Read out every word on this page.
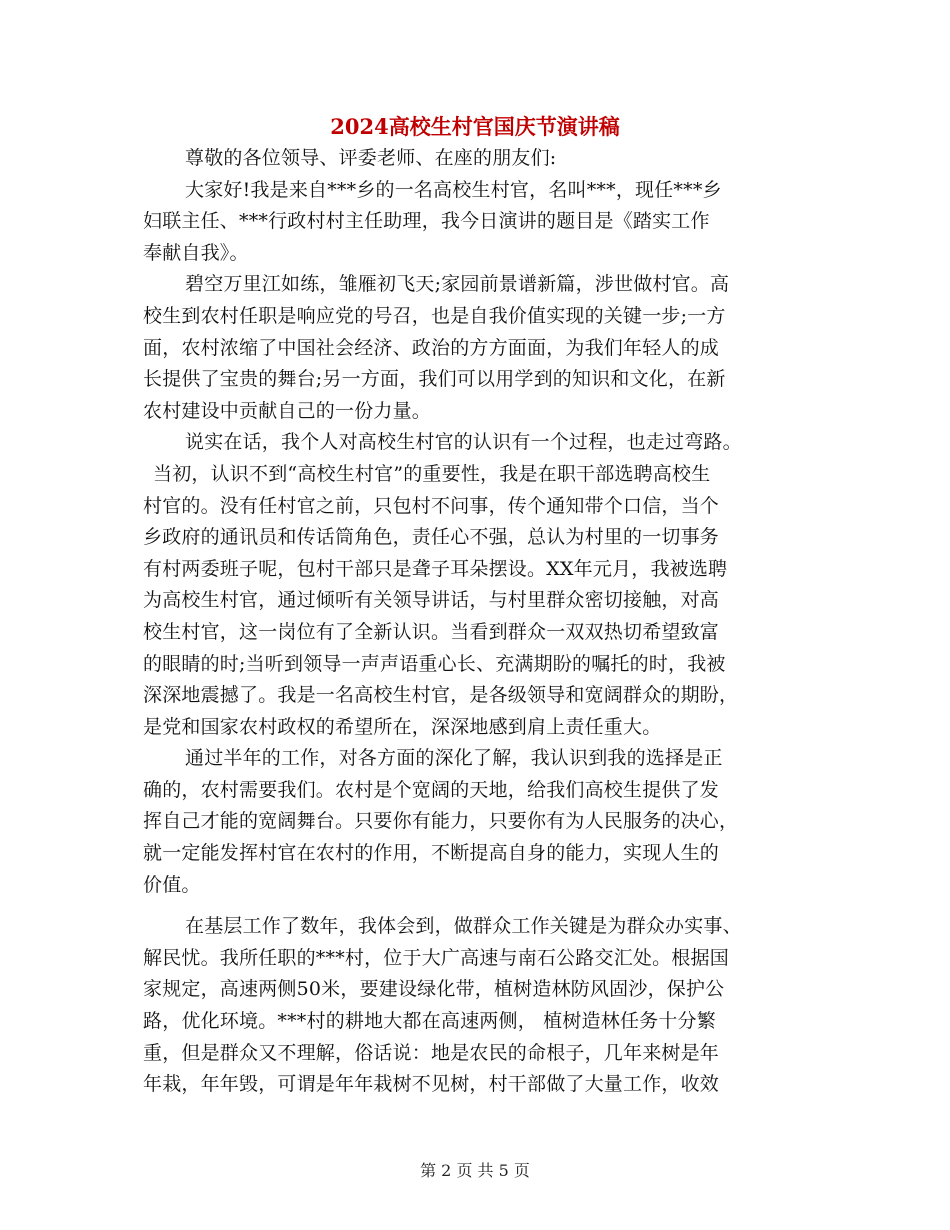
2024高校生村官国庆节演讲稿
尊敬的各位领导、评委老师、在座的朋友们:
大家好!我是来自***乡的一名高校生村官，名叫***，现任***乡
妇联主任、***行政村村主任助理，我今日演讲的题目是《踏实工作
奉献自我》。
碧空万里江如练，雏雁初飞天;家园前景谱新篇，涉世做村官。高
校生到农村任职是响应党的号召，也是自我价值实现的关键一步;一方
面，农村浓缩了中国社会经济、政治的方方面面，为我们年轻人的成
长提供了宝贵的舞台;另一方面，我们可以用学到的知识和文化，在新
农村建设中贡献自己的一份力量。
说实在话，我个人对高校生村官的认识有一个过程，也走过弯路。
当初，认识不到“高校生村官”的重要性，我是在职干部选聘高校生
村官的。没有任村官之前，只包村不问事，传个通知带个口信，当个
乡政府的通讯员和传话筒角色，责任心不强，总认为村里的一切事务
有村两委班子呢，包村干部只是聋子耳朵摆设。XX年元月，我被选聘
为高校生村官，通过倾听有关领导讲话，与村里群众密切接触，对高
校生村官，这一岗位有了全新认识。当看到群众一双双热切希望致富
的眼睛的时;当听到领导一声声语重心长、充满期盼的嘱托的时，我被
深深地震撼了。我是一名高校生村官，是各级领导和宽阔群众的期盼，
是党和国家农村政权的希望所在，深深地感到肩上责任重大。
通过半年的工作，对各方面的深化了解，我认识到我的选择是正
确的，农村需要我们。农村是个宽阔的天地，给我们高校生提供了发
挥自己才能的宽阔舞台。只要你有能力，只要你有为人民服务的决心，
就一定能发挥村官在农村的作用，不断提高自身的能力，实现人生的
价值。
在基层工作了数年，我体会到，做群众工作关键是为群众办实事、
解民忧。我所任职的***村，位于大广高速与南石公路交汇处。根据国
家规定，高速两侧50米，要建设绿化带，植树造林防风固沙，保护公
路，优化环境。***村的耕地大都在高速两侧， 植树造林任务十分繁
重，但是群众又不理解，俗话说：地是农民的命根子，几年来树是年
年栽，年年毁，可谓是年年栽树不见树，村干部做了大量工作，收效
第 2 页 共 5 页
